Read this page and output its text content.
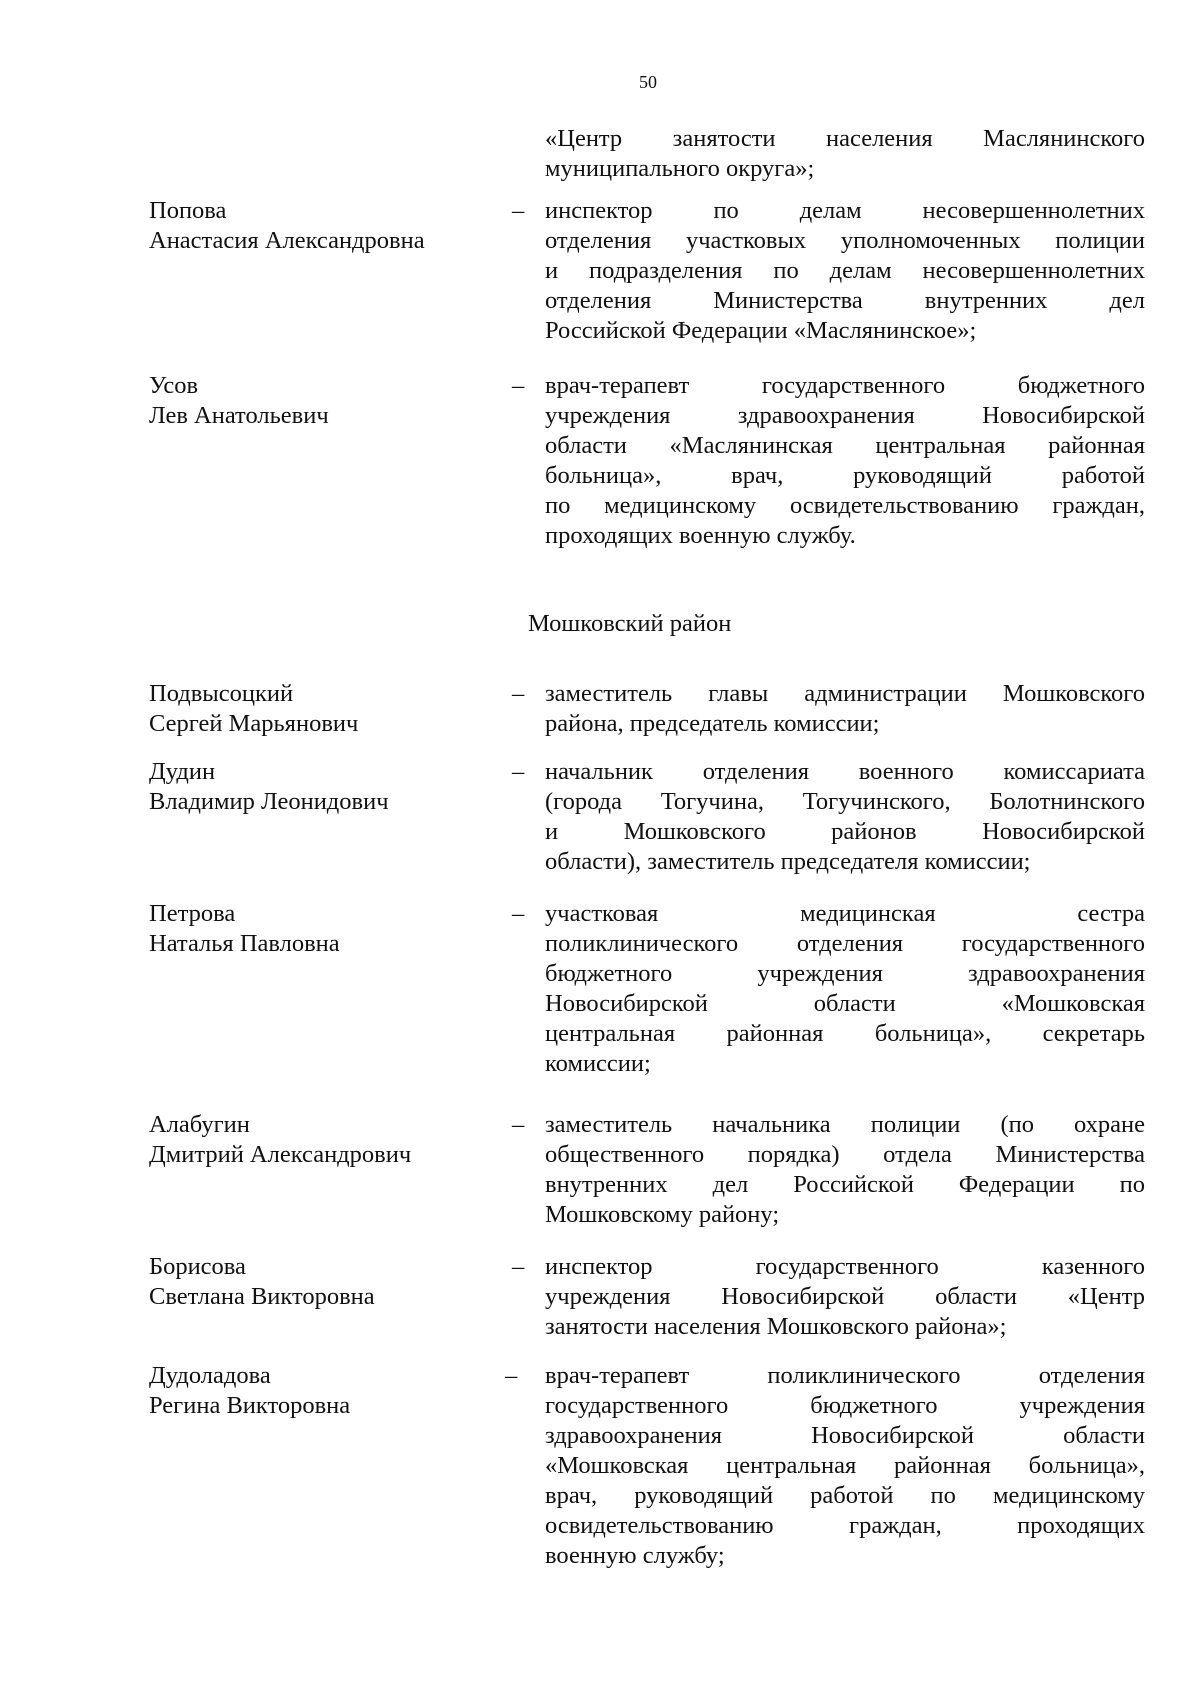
50
«Центр занятости населения Маслянинского
муниципального округа»;
Попова
Анастасия Александровна
– инспектор по делам несовершеннолетних
отделения участковых уполномоченных полиции
и подразделения по делам несовершеннолетних
отделения Министерства внутренних дел
Российской Федерации «Маслянинское»;
Усов
Лев Анатольевич
– врач-терапевт государственного бюджетного
учреждения здравоохранения Новосибирской
области «Маслянинская центральная районная
больница», врач, руководящий работой
по медицинскому освидетельствованию граждан,
проходящих военную службу.
Мошковский район
Подвысоцкий
Сергей Марьянович
– заместитель главы администрации Мошковского
района, председатель комиссии;
Дудин
Владимир Леонидович
– начальник отделения военного комиссариата
(города Тогучина, Тогучинского, Болотнинского
и Мошковского районов Новосибирской
области), заместитель председателя комиссии;
Петрова
Наталья Павловна
– участковая медицинская сестра
поликлинического отделения государственного
бюджетного учреждения здравоохранения
Новосибирской области «Мошковская
центральная районная больница», секретарь
комиссии;
Алабугин
Дмитрий Александрович
– заместитель начальника полиции (по охране
общественного порядка) отдела Министерства
внутренних дел Российской Федерации по
Мошковскому району;
Борисова
Светлана Викторовна
– инспектор государственного казенного
учреждения Новосибирской области «Центр
занятости населения Мошковского района»;
Дудоладова
Регина Викторовна
– врач-терапевт поликлинического отделения
государственного бюджетного учреждения
здравоохранения Новосибирской области
«Мошковская центральная районная больница»,
врач, руководящий работой по медицинскому
освидетельствованию граждан, проходящих
военную службу;
